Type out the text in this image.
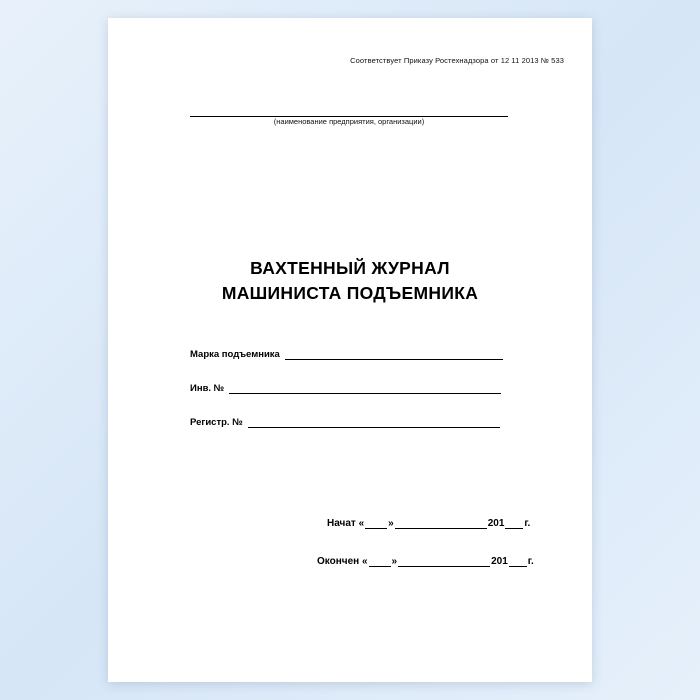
Соответствует Приказу Ростехнадзора от 12 11 2013 № 533
(наименование предприятия, организации)
ВАХТЕННЫЙ ЖУРНАЛ
МАШИНИСТА ПОДЪЕМНИКА
Марка подъемника
Инв. №
Регистр. №
Начат « »	201 г.
Окончен « »	201 г.
